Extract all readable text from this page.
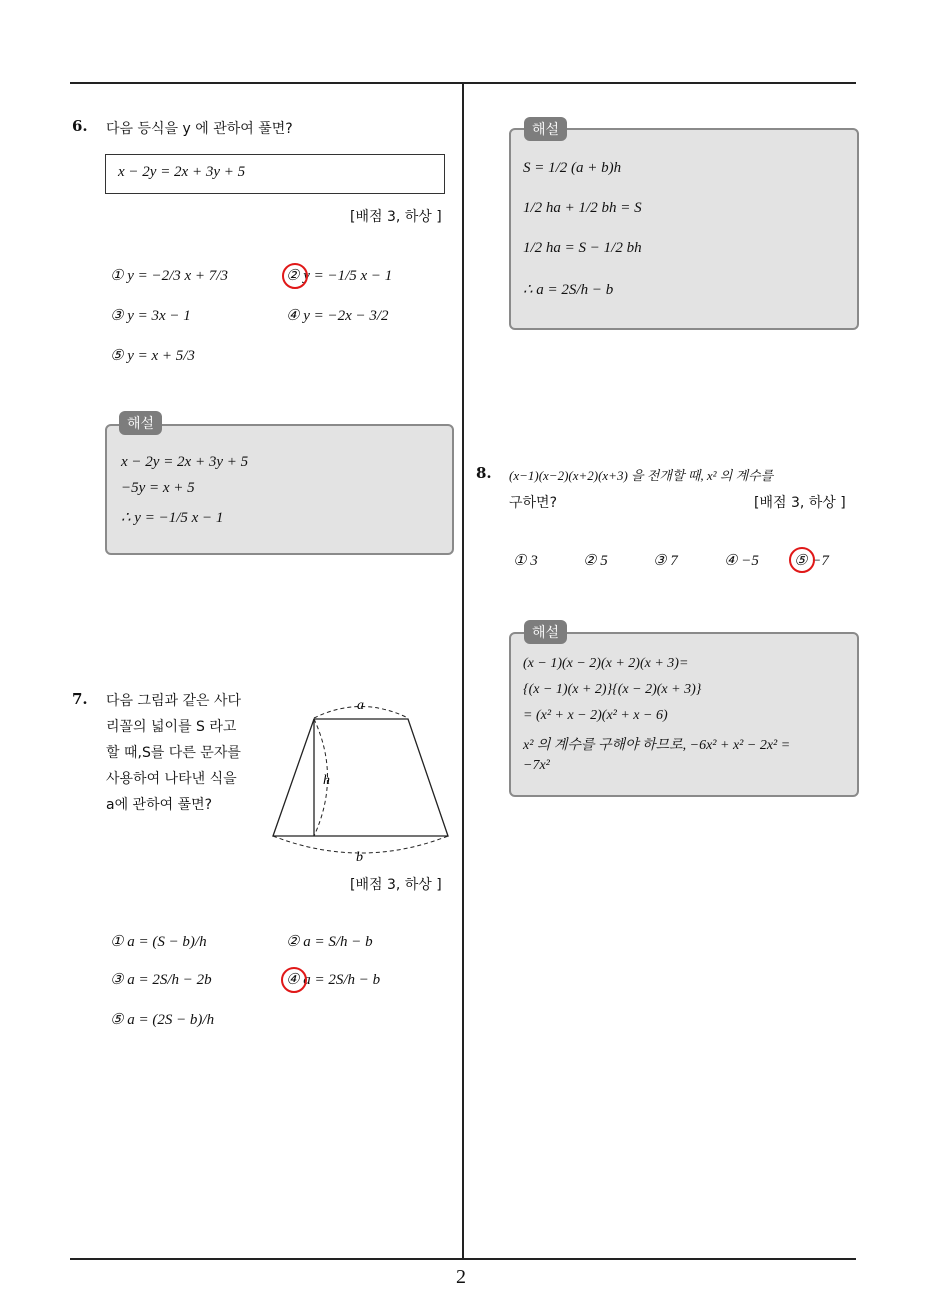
2
6. 다음 등식을 y 에 관하여 풀면?
x − 2y = 2x + 3y + 5
[배점 3, 하상 ]
① y = −2/3 x + 7/3	② y = −1/5 x − 1
③ y = 3x − 1	④ y = −2x − 3/2
⑤ y = x + 5/3
x − 2y = 2x + 3y + 5
−5y = x + 5
∴ y = −1/5 x − 1
해설
7. 다음 그림과 같은 사다
리꼴의 넓이를 S 라고
할 때,S를 다른 문자를
사용하여 나타낸 식을
a에 관하여 풀면?
a
h
b
[배점 3, 하상 ]
① a = (S − b)/h	② a = S/h − b
③ a = 2S/h − 2b	④ a = 2S/h − b
⑤ a = (2S − b)/h
S = 1/2 (a + b)h
1/2 ha + 1/2 bh = S
1/2 ha = S − 1/2 bh
∴ a = 2S/h − b
해설
8. (x−1)(x−2)(x+2)(x+3) 을 전개할 때, x² 의 계수를
구하면?	[배점 3, 하상 ]
① 3	② 5	③ 7	④ −5 ⑤ −7
(x − 1)(x − 2)(x + 2)(x + 3)=
{(x − 1)(x + 2)}{(x − 2)(x + 3)}
= (x² + x − 2)(x² + x − 6)
x² 의 계수를 구해야 하므로, −6x² + x² − 2x² =
−7x²
해설
